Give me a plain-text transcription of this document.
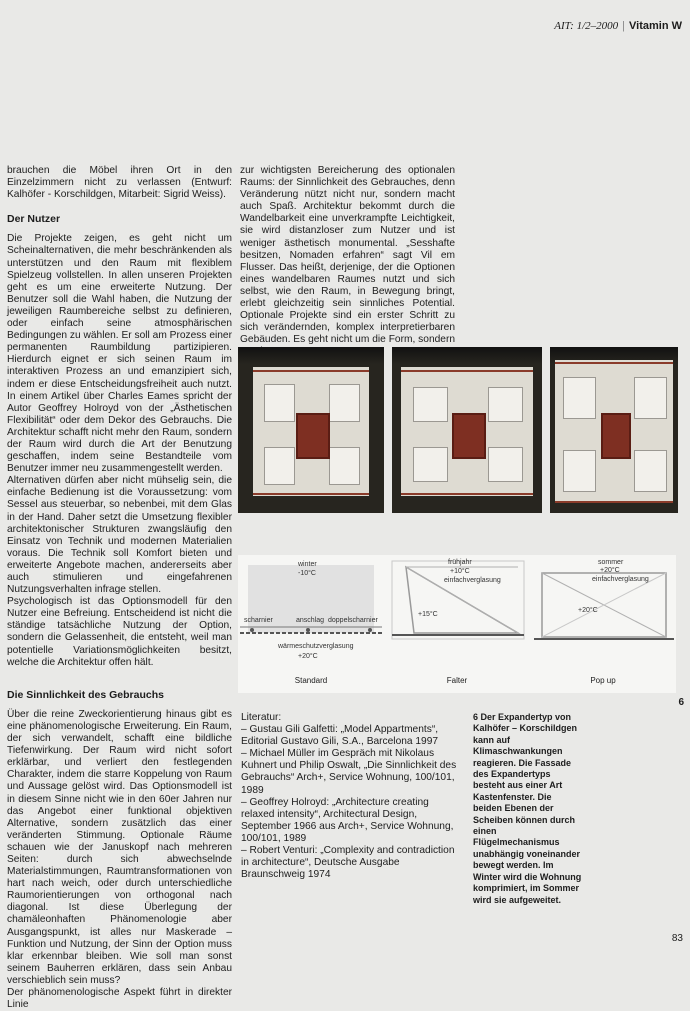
AIT: 1/2–2000 | Vitamin W

brauchen die Möbel ihren Ort in den Einzelzimmern nicht zu verlassen (Entwurf: Kalhöfer - Korschildgen, Mitarbeit: Sigrid Weiss).

Der Nutzer

Die Projekte zeigen, es geht nicht um Scheinalternativen, die mehr beschränkenden als unterstützen und den Raum mit flexiblem Spielzeug vollstellen. In allen unseren Projekten geht es um eine erweiterte Nutzung. Der Benutzer soll die Wahl haben, die Nutzung der jeweiligen Raumbereiche selbst zu definieren, oder einfach seine atmosphärischen Bedingungen zu wählen. Er soll am Prozess einer permanenten Raumbildung partizipieren. Hierdurch eignet er sich seinen Raum im interaktiven Prozess an und emanzipiert sich, indem er diese Entscheidungsfreiheit auch nutzt. In einem Artikel über Charles Eames spricht der Autor Geoffrey Holroyd von der „Ästhetischen Flexibilität“ oder dem Dekor des Gebrauchs. Die Architektur schafft nicht mehr den Raum, sondern der Raum wird durch die Art der Benutzung geschaffen, indem seine Bestandteile vom Benutzer immer neu zusammengestellt werden.

Alternativen dürfen aber nicht mühselig sein, die einfache Bedienung ist die Voraussetzung: vom Sessel aus steuerbar, so nebenbei, mit dem Glas in der Hand. Daher setzt die Umsetzung flexibler architektonischer Strukturen zwangsläufig den Einsatz von Technik und modernen Materialien voraus. Die Technik soll Komfort bieten und erweiterte Angebote machen, andererseits aber auch stimulieren und eingefahrenen Nutzungsverhalten infrage stellen.

Psychologisch ist das Optionsmodell für den Nutzer eine Befreiung. Entscheidend ist nicht die ständige tatsächliche Nutzung der Option, sondern die Gelassenheit, die entsteht, weil man potentielle Variationsmöglichkeiten besitzt, welche die Architektur offen hält.

Die Sinnlichkeit des Gebrauchs

Über die reine Zweckorientierung hinaus gibt es eine phänomenologische Erweiterung. Ein Raum, der sich verwandelt, schafft eine bildliche Tiefenwirkung. Der Raum wird nicht sofort erklärbar, und verliert den festlegenden Charakter, indem die starre Koppelung von Raum und Aussage gelöst wird. Das Optionsmodell ist in diesem Sinne nicht wie in den 60er Jahren nur das Angebot einer funktional objektiven Alternative, sondern zusätzlich das einer veränderten Stimmung. Optionale Räume schauen wie der Januskopf nach mehreren Seiten: durch sich abwechselnde Materialstimmungen, Raumtransformationen von hart nach weich, oder durch unterschiedliche Raumorientierungen von orthogonal nach diagonal. Ist diese Überlegung der chamäleonhaften Phänomenologie aber Ausgangspunkt, ist alles nur Maskerade – Funktion und Nutzung, der Sinn der Option muss klar erkennbar bleiben. Wie soll man sonst seinem Bauherren erklären, dass sein Anbau verschieblich sein muss?

Der phänomenologische Aspekt führt in direkter Linie

zur wichtigsten Bereicherung des optionalen Raums: der Sinnlichkeit des Gebrauches, denn Veränderung nützt nicht nur, sondern macht auch Spaß. Architektur bekommt durch die Wandelbarkeit eine unverkrampfte Leichtigkeit, sie wird distanzloser zum Nutzer und ist weniger ästhetisch monumental. „Sesshafte besitzen, Nomaden erfahren“ sagt Vil em Flusser. Das heißt, derjenige, der die Optionen eines wandelbaren Raumes nutzt und sich selbst, wie den Raum, in Bewegung bringt, erlebt gleichzeitig sein sinnliches Potential. Optionale Projekte sind ein erster Schritt zu sich verändernden, komplex interpretierbaren Gebäuden. Es geht nicht um die Form, sondern

winter
-10°C
scharnier	anschlag doppelscharnier
wärmeschutzverglasung
+20°C
Standard
frühjahr
+10°C
einfachverglasung
+15°C
Falter
sommer
+20°C
einfachverglasung
+20°C
Pop up
6
Literatur:
– Gustau Gili Galfetti: „Model Appartments“, Editorial Gustavo Gili, S.A., Barcelona 1997
– Michael Müller im Gespräch mit Nikolaus Kuhnert und Philip Oswalt, „Die Sinnlichkeit des Gebrauchs“ Arch+, Service Wohnung, 100/101, 1989
– Geoffrey Holroyd: „Architecture creating relaxed intensity“, Architectural Design, September 1966 aus Arch+, Service Wohnung, 100/101, 1989
– Robert Venturi: „Complexity and contradiction in architecture“, Deutsche Ausgabe Braunschweig 1974
6 Der Expandertyp von Kalhöfer – Korschildgen kann auf Klimaschwankungen reagieren. Die Fassade des Expandertyps besteht aus einer Art Kastenfenster. Die beiden Ebenen der Scheiben können durch einen Flügelmechanismus unabhängig voneinander bewegt werden. Im Winter wird die Wohnung komprimiert, im Sommer wird sie aufgeweitet.
83
